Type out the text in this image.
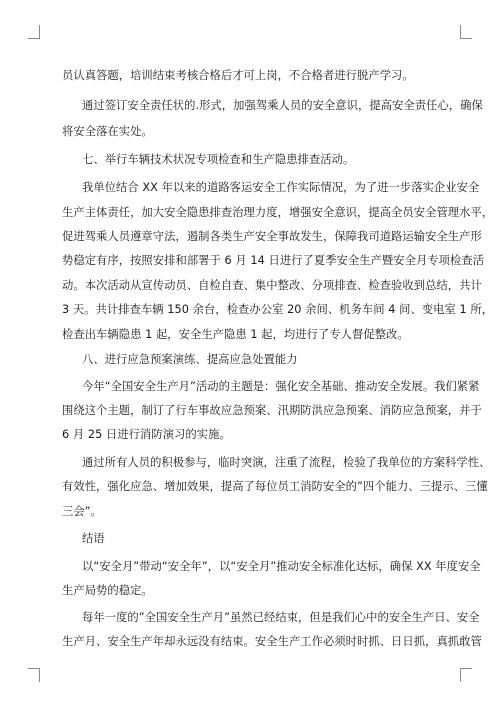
员认真答题，培训结束考核合格后才可上岗，不合格者进行脱产学习。
通过签订安全责任状的.形式，加强驾乘人员的安全意识，提高安全责任心，确保
将安全落在实处。
七、举行车辆技术状况专项检查和生产隐患排查活动。
我单位结合 XX 年以来的道路客运安全工作实际情况，为了进一步落实企业安全
生产主体责任，加大安全隐患排查治理力度，增强安全意识，提高全员安全管理水平，
促进驾乘人员遵章守法，遏制各类生产安全事故发生，保障我司道路运输安全生产形
势稳定有序，按照安排和部署于 6 月 14 日进行了夏季安全生产暨安全月专项检查活
动。本次活动从宣传动员、自检自查、集中整改、分项排查、检查验收到总结，共计
3 天。共计排查车辆 150 余台，检查办公室 20 余间、机务车间 4 间、变电室 1 所，
检查出车辆隐患 1 起，安全生产隐患 1 起，均进行了专人督促整改。
八、进行应急预案演练、提高应急处置能力
今年“全国安全生产月”活动的主题是：强化安全基础、推动安全发展。我们紧紧
围绕这个主题，制订了行车事故应急预案、汛期防洪应急预案、消防应急预案，并于
6 月 25 日进行消防演习的实施。
通过所有人员的积极参与，临时突演，注重了流程，检验了我单位的方案科学性、
有效性，强化应急、增加效果，提高了每位员工消防安全的”四个能力、三提示、三懂
三会”。
结语
以“安全月”带动“安全年”，以“安全月”推动安全标准化达标，确保 XX 年度安全
生产局势的稳定。
每年一度的”全国安全生产月”虽然已经结束，但是我们心中的安全生产日、安全
生产月、安全生产年却永远没有结束。安全生产工作必须时时抓、日日抓，真抓敢管
